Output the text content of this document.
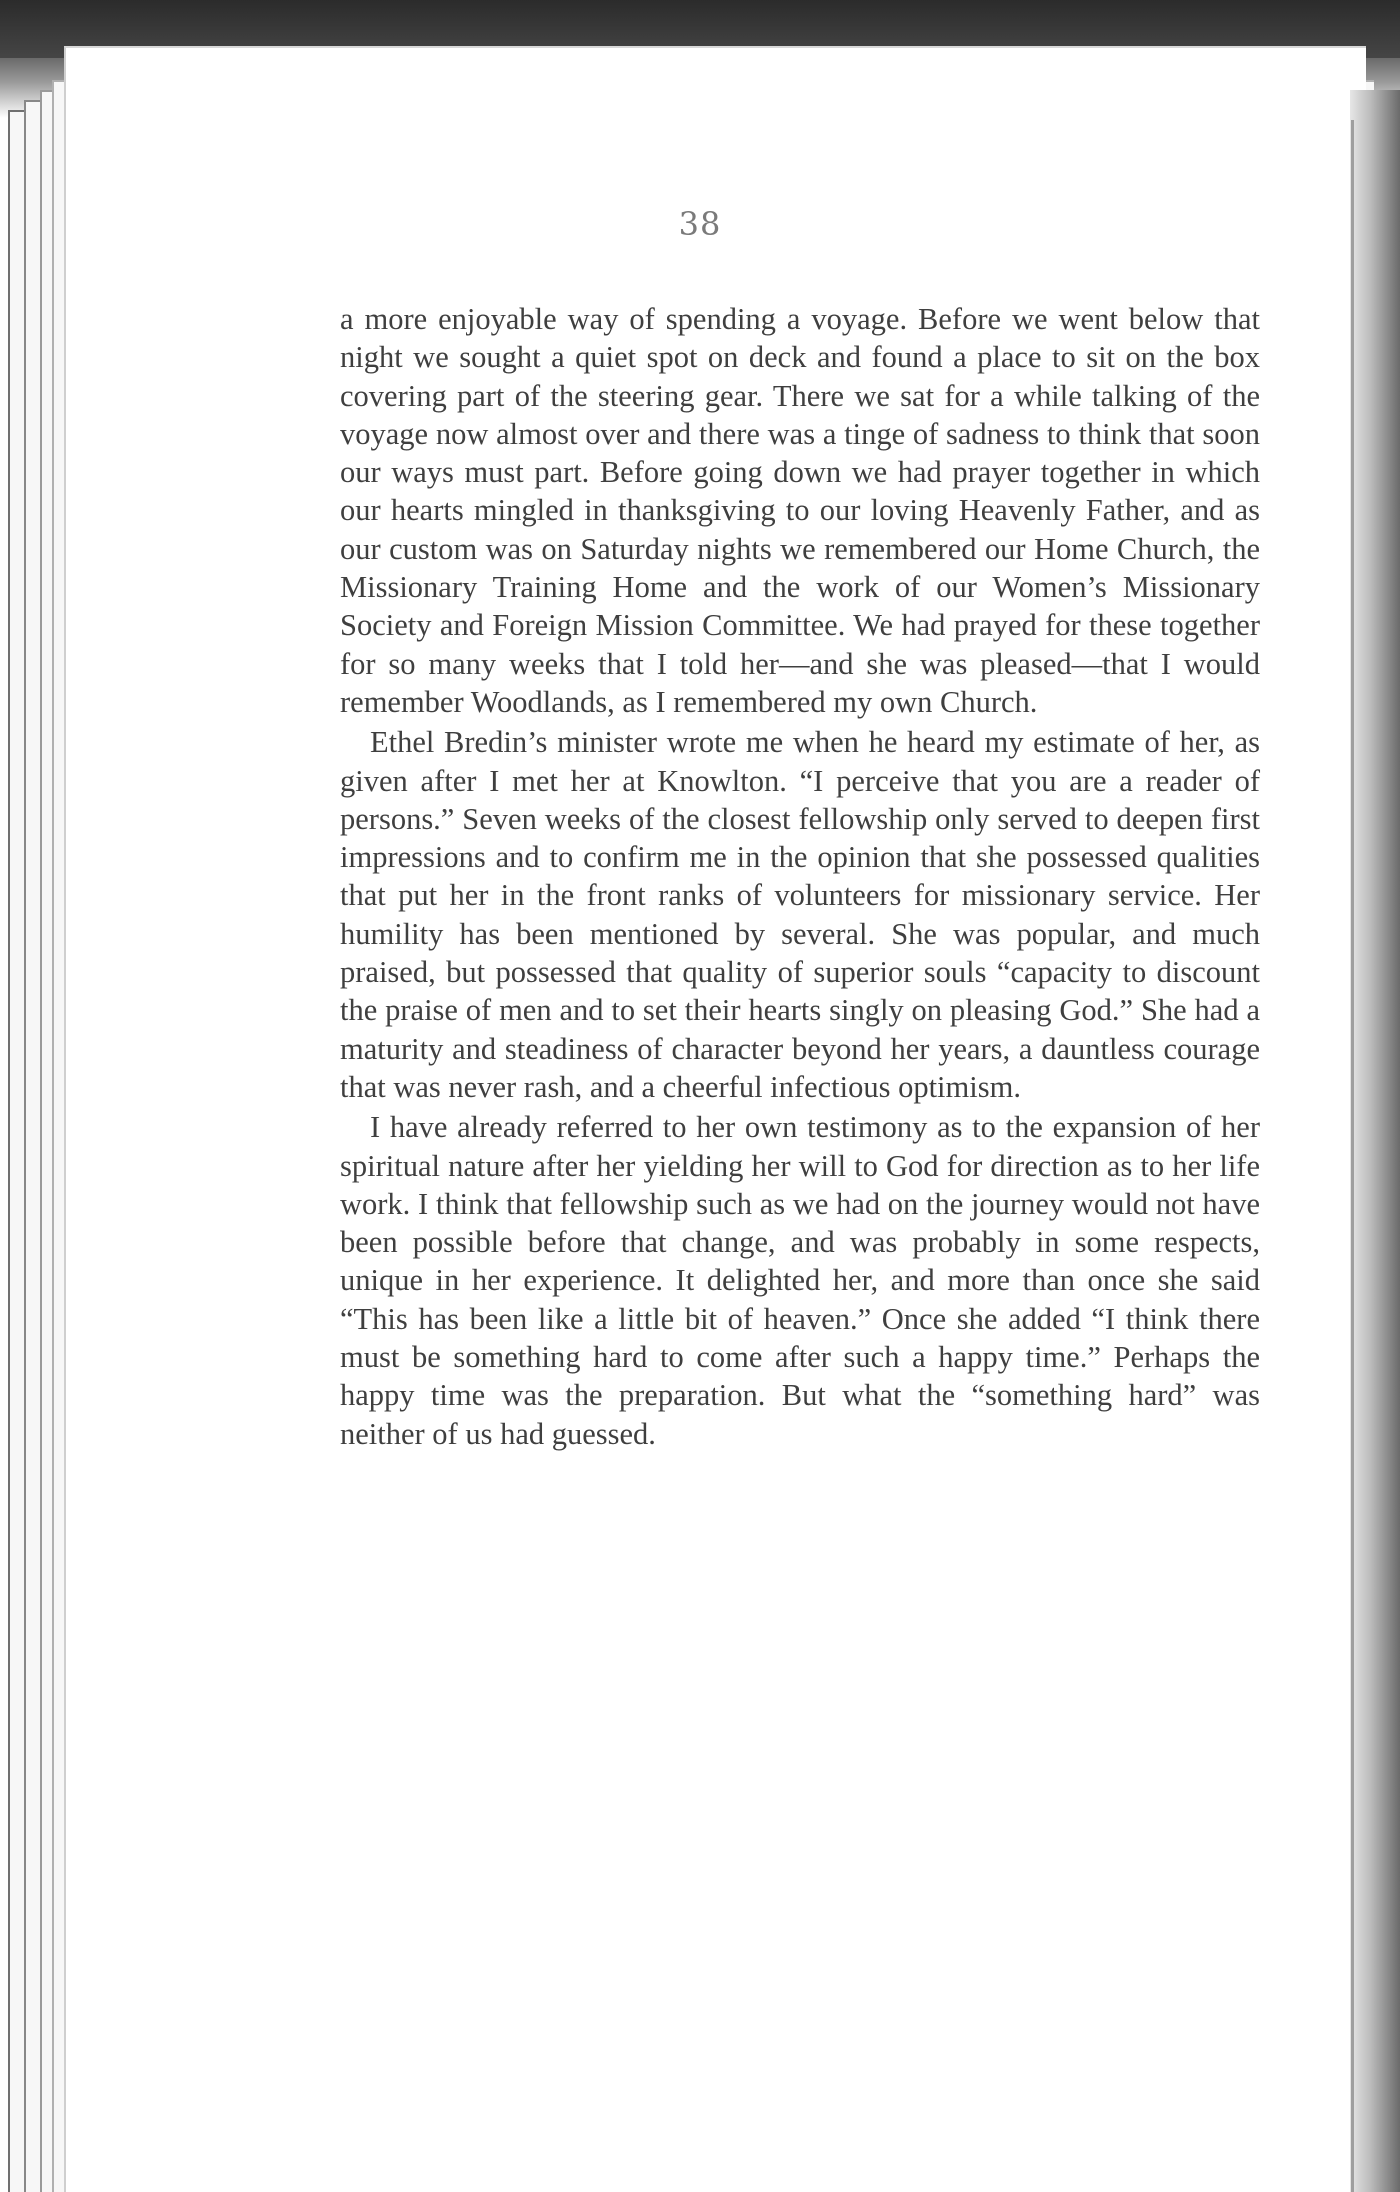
38

a more enjoyable way of spending a voyage. Before we went below that night we sought a quiet spot on deck and found a place to sit on the box covering part of the steering gear. There we sat for a while talking of the voyage now almost over and there was a tinge of sadness to think that soon our ways must part. Before going down we had prayer together in which our hearts mingled in thanksgiving to our loving Heavenly Father, and as our custom was on Saturday nights we remembered our Home Church, the Missionary Training Home and the work of our Women’s Missionary Society and Foreign Mission Committee. We had prayed for these together for so many weeks that I told her—and she was pleased—that I would remember Woodlands, as I remembered my own Church.

Ethel Bredin’s minister wrote me when he heard my estimate of her, as given after I met her at Knowlton. “I perceive that you are a reader of persons.” Seven weeks of the closest fellowship only served to deepen first impressions and to confirm me in the opinion that she possessed qualities that put her in the front ranks of volunteers for missionary service. Her humility has been mentioned by several. She was popular, and much praised, but possessed that quality of superior souls “capacity to discount the praise of men and to set their hearts singly on pleasing God.” She had a maturity and steadiness of character beyond her years, a dauntless courage that was never rash, and a cheerful infectious optimism.

I have already referred to her own testimony as to the expansion of her spiritual nature after her yielding her will to God for direction as to her life work. I think that fellowship such as we had on the journey would not have been possible before that change, and was probably in some respects, unique in her experience. It delighted her, and more than once she said “This has been like a little bit of heaven.” Once she added “I think there must be something hard to come after such a happy time.” Perhaps the happy time was the preparation. But what the “something hard” was neither of us had guessed.
